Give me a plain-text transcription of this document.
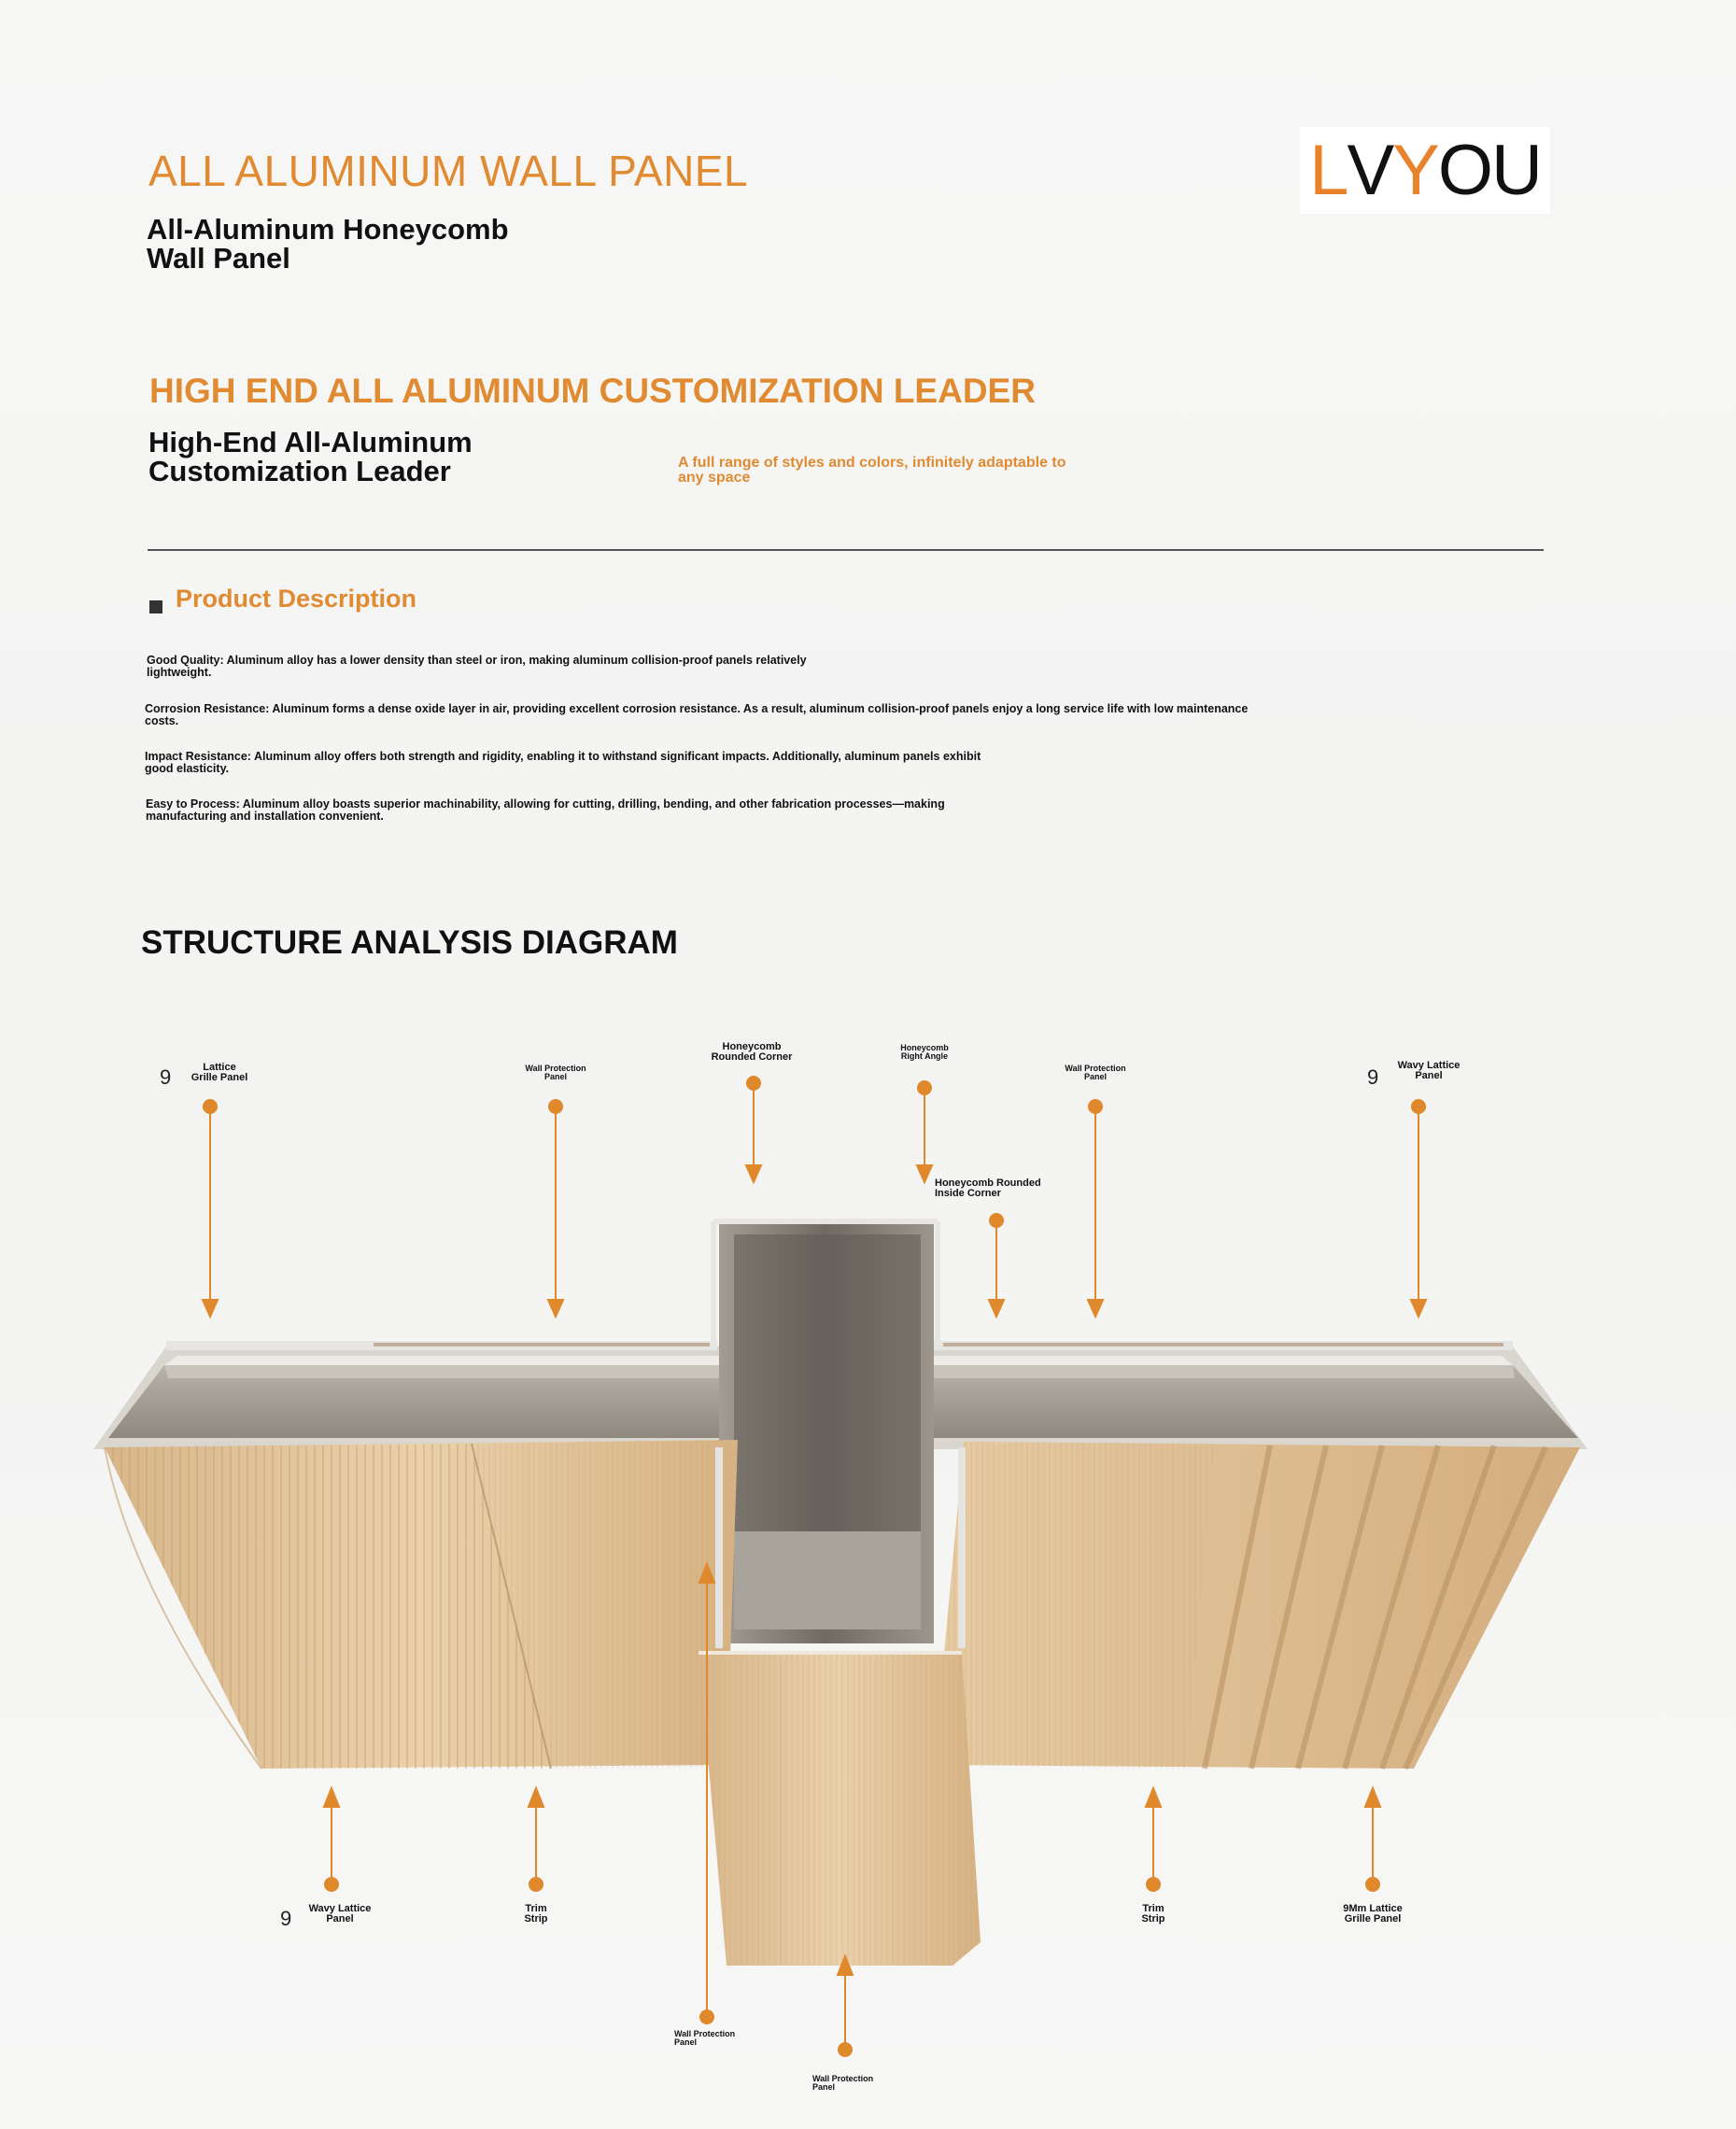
ALL ALUMINUM WALL PANEL
All-Aluminum Honeycomb
Wall Panel
L V Y OU
HIGH END ALL ALUMINUM CUSTOMIZATION LEADER
High-End All-Aluminum
Customization Leader	A full range of styles and colors, infinitely adaptable to
any space
Product Description
Good Quality: Aluminum alloy has a lower density than steel or iron, making aluminum collision-proof panels relatively
lightweight.
Corrosion Resistance: Aluminum forms a dense oxide layer in air, providing excellent corrosion resistance. As a result, aluminum collision-proof panels enjoy a long service life with low maintenance
costs.
Impact Resistance: Aluminum alloy offers both strength and rigidity, enabling it to withstand significant impacts. Additionally, aluminum panels exhibit
good elasticity.
Easy to Process: Aluminum alloy boasts superior machinability, allowing for cutting, drilling, bending, and other fabrication processes—making
manufacturing and installation convenient.
STRUCTURE ANALYSIS DIAGRAM
9	Lattice
Grille Panel
Wall Protection
Panel
Honeycomb
Rounded Corner
Honeycomb
Right Angle
Wall Protection
Panel	9	Wavy Lattice
Panel
Honeycomb Rounded
Inside Corner
9	Wavy Lattice
Panel
Trim
Strip
Trim
Strip
9Mm Lattice
Grille Panel
Wall Protection
Panel
Wall Protection
Panel
